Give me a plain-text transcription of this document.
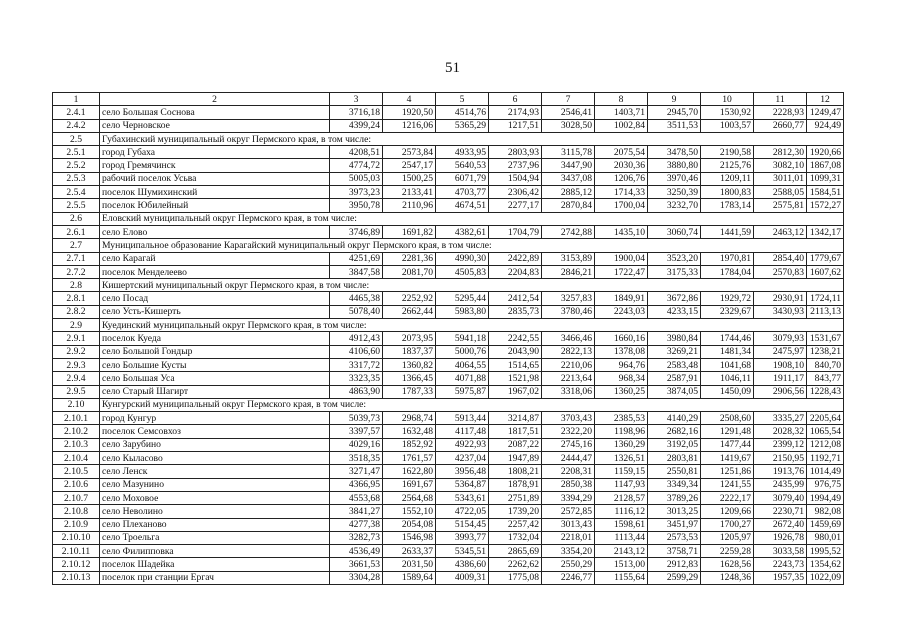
51
1	2	3	4	5	6	7	8	9	10	11	12
2.4.1	село Большая Соснова	3716,18	1920,50	4514,76	2174,93	2546,41	1403,71	2945,70	1530,92	2228,93	1249,47
2.4.2	село Черновское	4399,24	1216,06	5365,29	1217,51	3028,50	1002,84	3511,53	1003,57	2660,77	924,49
2.5	Губахинский муниципальный округ Пермского края, в том числе:										
2.5.1	город Губаха	4208,51	2573,84	4933,95	2803,93	3115,78	2075,54	3478,50	2190,58	2812,30	1920,66
2.5.2	город Гремячинск	4774,72	2547,17	5640,53	2737,96	3447,90	2030,36	3880,80	2125,76	3082,10	1867,08
2.5.3	рабочий поселок Усьва	5005,03	1500,25	6071,79	1504,94	3437,08	1206,76	3970,46	1209,11	3011,01	1099,31
2.5.4	поселок Шумихинский	3973,23	2133,41	4703,77	2306,42	2885,12	1714,33	3250,39	1800,83	2588,05	1584,51
2.5.5	поселок Юбилейный	3950,78	2110,96	4674,51	2277,17	2870,84	1700,04	3232,70	1783,14	2575,81	1572,27
2.6	Еловский муниципальный округ Пермского края, в том числе:										
2.6.1	село Елово	3746,89	1691,82	4382,61	1704,79	2742,88	1435,10	3060,74	1441,59	2463,12	1342,17
2.7	Муниципальное образование Карагайский муниципальный округ Пермского края, в том числе:										
2.7.1	село Карагай	4251,69	2281,36	4990,30	2422,89	3153,89	1900,04	3523,20	1970,81	2854,40	1779,67
2.7.2	поселок Менделеево	3847,58	2081,70	4505,83	2204,83	2846,21	1722,47	3175,33	1784,04	2570,83	1607,62
2.8	Кишертский муниципальный округ Пермского края, в том числе:										
2.8.1	село Посад	4465,38	2252,92	5295,44	2412,54	3257,83	1849,91	3672,86	1929,72	2930,91	1724,11
2.8.2	село Усть-Кишерть	5078,40	2662,44	5983,80	2835,73	3780,46	2243,03	4233,15	2329,67	3430,93	2113,13
2.9	Куединский муниципальный округ Пермского края, в том числе:										
2.9.1	поселок Куеда	4912,43	2073,95	5941,18	2242,55	3466,46	1660,16	3980,84	1744,46	3079,93	1531,67
2.9.2	село Большой Гондыр	4106,60	1837,37	5000,76	2043,90	2822,13	1378,08	3269,21	1481,34	2475,97	1238,21
2.9.3	село Большие Кусты	3317,72	1360,82	4064,55	1514,65	2210,06	964,76	2583,48	1041,68	1908,10	840,70
2.9.4	село Большая Уса	3323,35	1366,45	4071,88	1521,98	2213,64	968,34	2587,91	1046,11	1911,17	843,77
2.9.5	село Старый Шагирт	4863,90	1787,33	5975,87	1967,02	3318,06	1360,25	3874,05	1450,09	2906,56	1228,43
2.10	Кунгурский муниципальный округ Пермского края, в том числе:										
2.10.1	город Кунгур	5039,73	2968,74	5913,44	3214,87	3703,43	2385,53	4140,29	2508,60	3335,27	2205,64
2.10.2	поселок Семсовхоз	3397,57	1632,48	4117,48	1817,51	2322,20	1198,96	2682,16	1291,48	2028,32	1065,54
2.10.3	село Зарубино	4029,16	1852,92	4922,93	2087,22	2745,16	1360,29	3192,05	1477,44	2399,12	1212,08
2.10.4	село Кыласово	3518,35	1761,57	4237,04	1947,89	2444,47	1326,51	2803,81	1419,67	2150,95	1192,71
2.10.5	село Ленск	3271,47	1622,80	3956,48	1808,21	2208,31	1159,15	2550,81	1251,86	1913,76	1014,49
2.10.6	село Мазунино	4366,95	1691,67	5364,87	1878,91	2850,38	1147,93	3349,34	1241,55	2435,99	976,75
2.10.7	село Моховое	4553,68	2564,68	5343,61	2751,89	3394,29	2128,57	3789,26	2222,17	3079,40	1994,49
2.10.8	село Неволино	3841,27	1552,10	4722,05	1739,20	2572,85	1116,12	3013,25	1209,66	2230,71	982,08
2.10.9	село Плеханово	4277,38	2054,08	5154,45	2257,42	3013,43	1598,61	3451,97	1700,27	2672,40	1459,69
2.10.10	село Троельга	3282,73	1546,98	3993,77	1732,04	2218,01	1113,44	2573,53	1205,97	1926,78	980,01
2.10.11	село Филипповка	4536,49	2633,37	5345,51	2865,69	3354,20	2143,12	3758,71	2259,28	3033,58	1995,52
2.10.12	поселок Шадейка	3661,53	2031,50	4386,60	2262,62	2550,29	1513,00	2912,83	1628,56	2243,73	1354,62
2.10.13	поселок при станции Ергач	3304,28	1589,64	4009,31	1775,08	2246,77	1155,64	2599,29	1248,36	1957,35	1022,09
